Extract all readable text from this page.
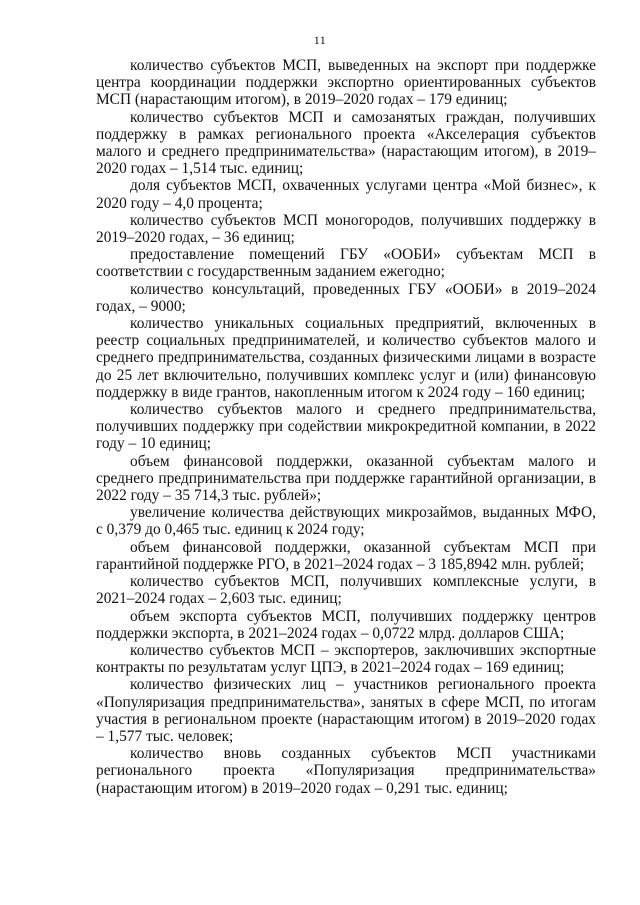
11

количество субъектов МСП, выведенных на экспорт при поддержке центра координации поддержки экспортно ориентированных субъектов МСП (нарастающим итогом), в 2019–2020 годах – 179 единиц;

количество субъектов МСП и самозанятых граждан, получивших поддержку в рамках регионального проекта «Акселерация субъектов малого и среднего предпринимательства» (нарастающим итогом), в 2019–2020 годах – 1,514 тыс. единиц;

доля субъектов МСП, охваченных услугами центра «Мой бизнес», к 2020 году – 4,0 процента;

количество субъектов МСП моногородов, получивших поддержку в 2019–2020 годах, – 36 единиц;

предоставление помещений ГБУ «ООБИ» субъектам МСП в соответствии с государственным заданием ежегодно;

количество консультаций, проведенных ГБУ «ООБИ» в 2019–2024 годах, – 9000;

количество уникальных социальных предприятий, включенных в реестр социальных предпринимателей, и количество субъектов малого и среднего предпринимательства, созданных физическими лицами в возрасте до 25 лет включительно, получивших комплекс услуг и (или) финансовую поддержку в виде грантов, накопленным итогом к 2024 году – 160 единиц;

количество субъектов малого и среднего предпринимательства, получивших поддержку при содействии микрокредитной компании, в 2022 году – 10 единиц;

объем финансовой поддержки, оказанной субъектам малого и среднего предпринимательства при поддержке гарантийной организации, в 2022 году – 35 714,3 тыс. рублей»;

увеличение количества действующих микрозаймов, выданных МФО, с 0,379 до 0,465 тыс. единиц к 2024 году;

объем финансовой поддержки, оказанной субъектам МСП при гарантийной поддержке РГО, в 2021–2024 годах – 3 185,8942 млн. рублей;

количество субъектов МСП, получивших комплексные услуги, в 2021–2024 годах – 2,603 тыс. единиц;

объем экспорта субъектов МСП, получивших поддержку центров поддержки экспорта, в 2021–2024 годах – 0,0722 млрд. долларов США;

количество субъектов МСП – экспортеров, заключивших экспортные контракты по результатам услуг ЦПЭ, в 2021–2024 годах – 169 единиц;

количество физических лиц – участников регионального проекта «Популяризация предпринимательства», занятых в сфере МСП, по итогам участия в региональном проекте (нарастающим итогом) в 2019–2020 годах – 1,577 тыс. человек;

количество вновь созданных субъектов МСП участниками регионального проекта «Популяризация предпринимательства» (нарастающим итогом) в 2019–2020 годах – 0,291 тыс. единиц;
